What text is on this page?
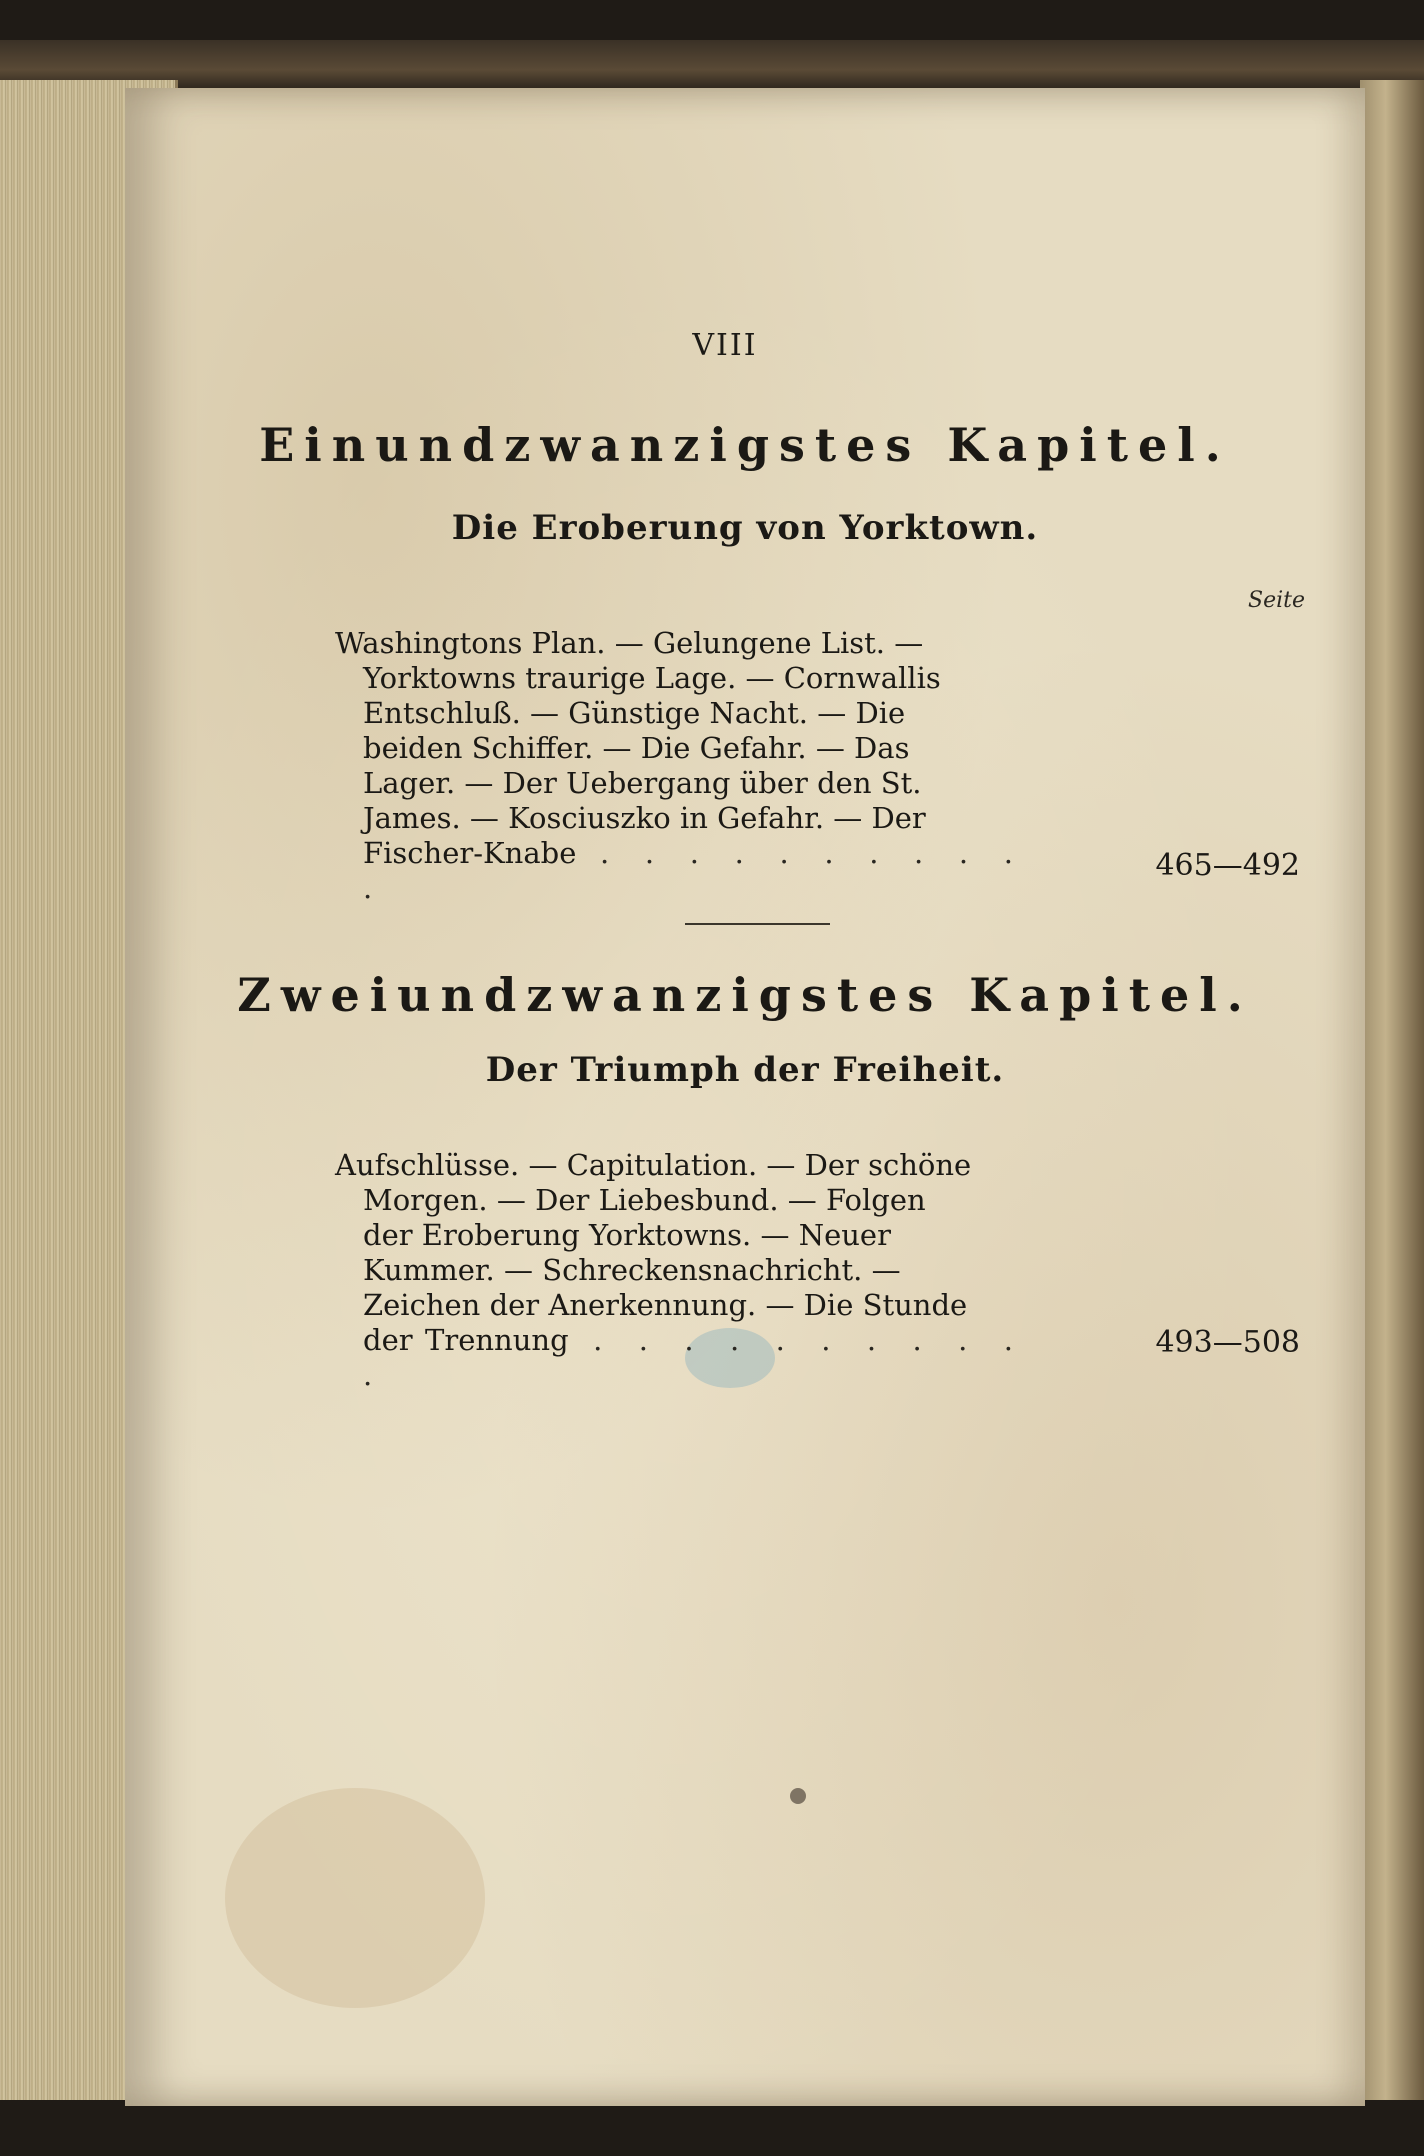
VIII
Einundzwanzigstes Kapitel.
Die Eroberung von Yorktown.
Seite
Washingtons Plan. — Gelungene List. —
Yorktowns traurige Lage. — Cornwallis
Entschluß. — Günstige Nacht. — Die
beiden Schiffer. — Die Gefahr. — Das
Lager. — Der Uebergang über den St.
James. — Kosciuszko in Gefahr. — Der
Fischer-Knabe . . . . . . . . . . .
465—492
Zweiundzwanzigstes Kapitel.
Der Triumph der Freiheit.
Aufschlüsse. — Capitulation. — Der schöne
Morgen. — Der Liebesbund. — Folgen
der Eroberung Yorktowns. — Neuer
Kummer. — Schreckensnachricht. —
Zeichen der Anerkennung. — Die Stunde
der Trennung . . . . . . . . . . .
493—508
